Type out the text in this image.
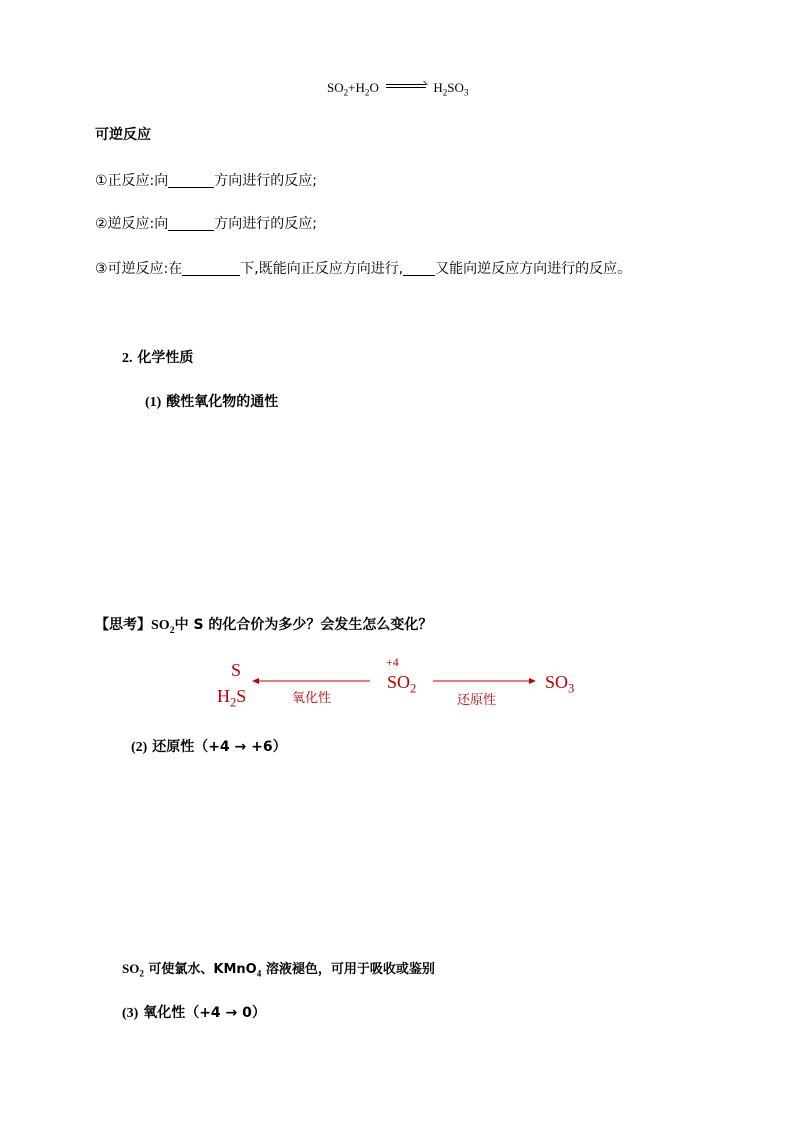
$SO_2+H_2O$	$H_2SO_3$
可逆反应
①正反应:向	方向进行的反应;
②逆反应:向	方向进行的反应;
③可逆反应:在	下,既能向正反应方向进行, 又能向逆反应方向进行的反应。
2. 化学性质
(1) 酸性氧化物的通性
【思考】$SO_2$中 S 的化合价为多少？会发生怎么变化？
S
$H_2S$
+4
$SO_2$	$SO_3$
氧化性	还原性
(2) 还原性（+4 → +6）
$SO_2$ 可使氯水、KMnO$_4$ 溶液褪色，可用于吸收或鉴别
(3) 氧化性（+4 → 0）
